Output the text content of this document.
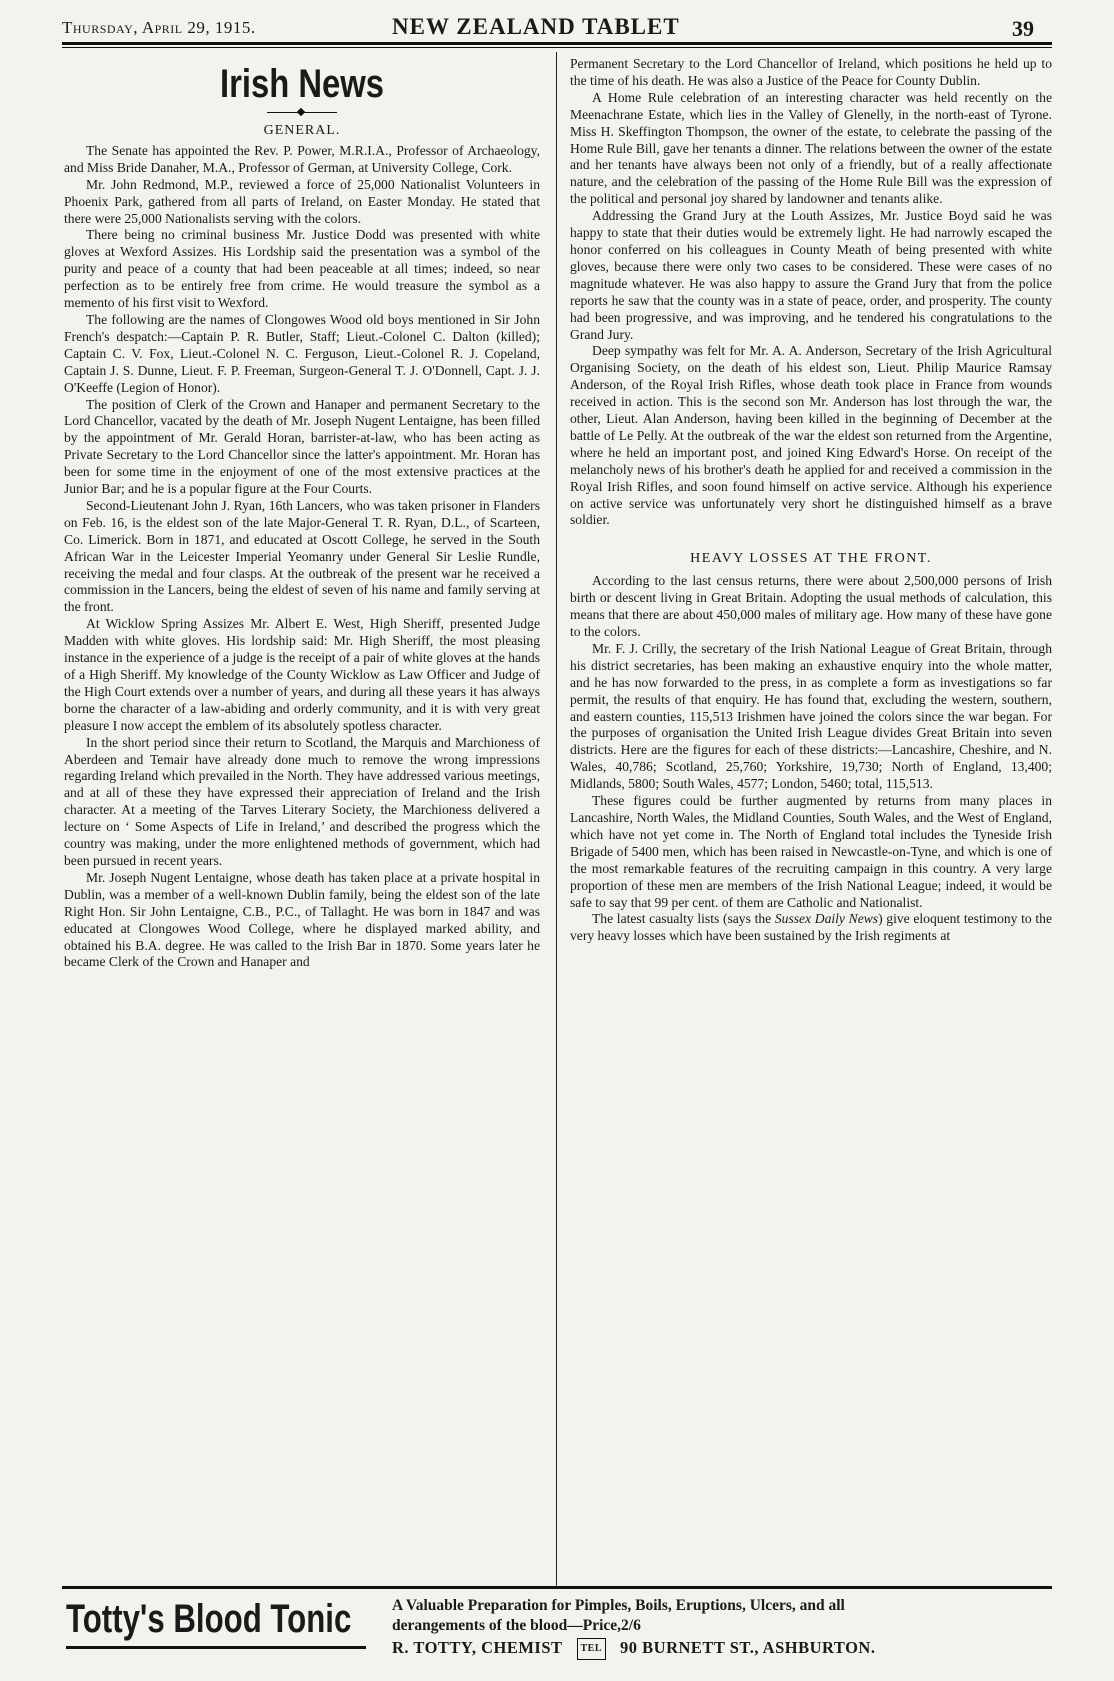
Thursday, April 29, 1915.	NEW ZEALAND TABLET	39
Irish News
GENERAL.

The Senate has appointed the Rev. P. Power, M.R.I.A., Professor of Archaeology, and Miss Bride Danaher, M.A., Professor of German, at University College, Cork.

Mr. John Redmond, M.P., reviewed a force of 25,000 Nationalist Volunteers in Phoenix Park, gathered from all parts of Ireland, on Easter Monday. He stated that there were 25,000 Nationalists serving with the colors.

There being no criminal business Mr. Justice Dodd was presented with white gloves at Wexford Assizes. His Lordship said the presentation was a symbol of the purity and peace of a county that had been peaceable at all times; indeed, so near perfection as to be entirely free from crime. He would treasure the symbol as a memento of his first visit to Wexford.

The following are the names of Clongowes Wood old boys mentioned in Sir John French's despatch:—Captain P. R. Butler, Staff; Lieut.-Colonel C. Dalton (killed); Captain C. V. Fox, Lieut.-Colonel N. C. Ferguson, Lieut.-Colonel R. J. Copeland, Captain J. S. Dunne, Lieut. F. P. Freeman, Surgeon-General T. J. O'Donnell, Capt. J. J. O'Keeffe (Legion of Honor).

The position of Clerk of the Crown and Hanaper and permanent Secretary to the Lord Chancellor, vacated by the death of Mr. Joseph Nugent Lentaigne, has been filled by the appointment of Mr. Gerald Horan, barrister-at-law, who has been acting as Private Secretary to the Lord Chancellor since the latter's appointment. Mr. Horan has been for some time in the enjoyment of one of the most extensive practices at the Junior Bar; and he is a popular figure at the Four Courts.

Second-Lieutenant John J. Ryan, 16th Lancers, who was taken prisoner in Flanders on Feb. 16, is the eldest son of the late Major-General T. R. Ryan, D.L., of Scarteen, Co. Limerick. Born in 1871, and educated at Oscott College, he served in the South African War in the Leicester Imperial Yeomanry under General Sir Leslie Rundle, receiving the medal and four clasps. At the outbreak of the present war he received a commission in the Lancers, being the eldest of seven of his name and family serving at the front.

At Wicklow Spring Assizes Mr. Albert E. West, High Sheriff, presented Judge Madden with white gloves. His lordship said: Mr. High Sheriff, the most pleasing instance in the experience of a judge is the receipt of a pair of white gloves at the hands of a High Sheriff. My knowledge of the County Wicklow as Law Officer and Judge of the High Court extends over a number of years, and during all these years it has always borne the character of a law-abiding and orderly community, and it is with very great pleasure I now accept the emblem of its absolutely spotless character.

In the short period since their return to Scotland, the Marquis and Marchioness of Aberdeen and Temair have already done much to remove the wrong impressions regarding Ireland which prevailed in the North. They have addressed various meetings, and at all of these they have expressed their appreciation of Ireland and the Irish character. At a meeting of the Tarves Literary Society, the Marchioness delivered a lecture on ‘ Some Aspects of Life in Ireland,’ and described the progress which the country was making, under the more enlightened methods of government, which had been pursued in recent years.

Mr. Joseph Nugent Lentaigne, whose death has taken place at a private hospital in Dublin, was a member of a well-known Dublin family, being the eldest son of the late Right Hon. Sir John Lentaigne, C.B., P.C., of Tallaght. He was born in 1847 and was educated at Clongowes Wood College, where he displayed marked ability, and obtained his B.A. degree. He was called to the Irish Bar in 1870. Some years later he became Clerk of the Crown and Hanaper and

Permanent Secretary to the Lord Chancellor of Ireland, which positions he held up to the time of his death. He was also a Justice of the Peace for County Dublin.

A Home Rule celebration of an interesting character was held recently on the Meenachrane Estate, which lies in the Valley of Glenelly, in the north-east of Tyrone. Miss H. Skeffington Thompson, the owner of the estate, to celebrate the passing of the Home Rule Bill, gave her tenants a dinner. The relations between the owner of the estate and her tenants have always been not only of a friendly, but of a really affectionate nature, and the celebration of the passing of the Home Rule Bill was the expression of the political and personal joy shared by landowner and tenants alike.

Addressing the Grand Jury at the Louth Assizes, Mr. Justice Boyd said he was happy to state that their duties would be extremely light. He had narrowly escaped the honor conferred on his colleagues in County Meath of being presented with white gloves, because there were only two cases to be considered. These were cases of no magnitude whatever. He was also happy to assure the Grand Jury that from the police reports he saw that the county was in a state of peace, order, and prosperity. The county had been progressive, and was improving, and he tendered his congratulations to the Grand Jury.

Deep sympathy was felt for Mr. A. A. Anderson, Secretary of the Irish Agricultural Organising Society, on the death of his eldest son, Lieut. Philip Maurice Ramsay Anderson, of the Royal Irish Rifles, whose death took place in France from wounds received in action. This is the second son Mr. Anderson has lost through the war, the other, Lieut. Alan Anderson, having been killed in the beginning of December at the battle of Le Pelly. At the outbreak of the war the eldest son returned from the Argentine, where he held an important post, and joined King Edward's Horse. On receipt of the melancholy news of his brother's death he applied for and received a commission in the Royal Irish Rifles, and soon found himself on active service. Although his experience on active service was unfortunately very short he distinguished himself as a brave soldier.

HEAVY LOSSES AT THE FRONT.

According to the last census returns, there were about 2,500,000 persons of Irish birth or descent living in Great Britain. Adopting the usual methods of calculation, this means that there are about 450,000 males of military age. How many of these have gone to the colors.

Mr. F. J. Crilly, the secretary of the Irish National League of Great Britain, through his district secretaries, has been making an exhaustive enquiry into the whole matter, and he has now forwarded to the press, in as complete a form as investigations so far permit, the results of that enquiry. He has found that, excluding the western, southern, and eastern counties, 115,513 Irishmen have joined the colors since the war began. For the purposes of organisation the United Irish League divides Great Britain into seven districts. Here are the figures for each of these districts:—Lancashire, Cheshire, and N. Wales, 40,786; Scotland, 25,760; Yorkshire, 19,730; North of England, 13,400; Midlands, 5800; South Wales, 4577; London, 5460; total, 115,513.

These figures could be further augmented by returns from many places in Lancashire, North Wales, the Midland Counties, South Wales, and the West of England, which have not yet come in. The North of England total includes the Tyneside Irish Brigade of 5400 men, which has been raised in Newcastle-on-Tyne, and which is one of the most remarkable features of the recruiting campaign in this country. A very large proportion of these men are members of the Irish National League; indeed, it would be safe to say that 99 per cent. of them are Catholic and Nationalist.

The latest casualty lists (says the Sussex Daily News) give eloquent testimony to the very heavy losses which have been sustained by the Irish regiments at

Totty's Blood Tonic	A Valuable Preparation for Pimples, Boils, Eruptions, Ulcers, and all
derangements of the blood—Price,2/6
R. TOTTY, CHEMIST TEL 90 BURNETT ST., ASHBURTON.
